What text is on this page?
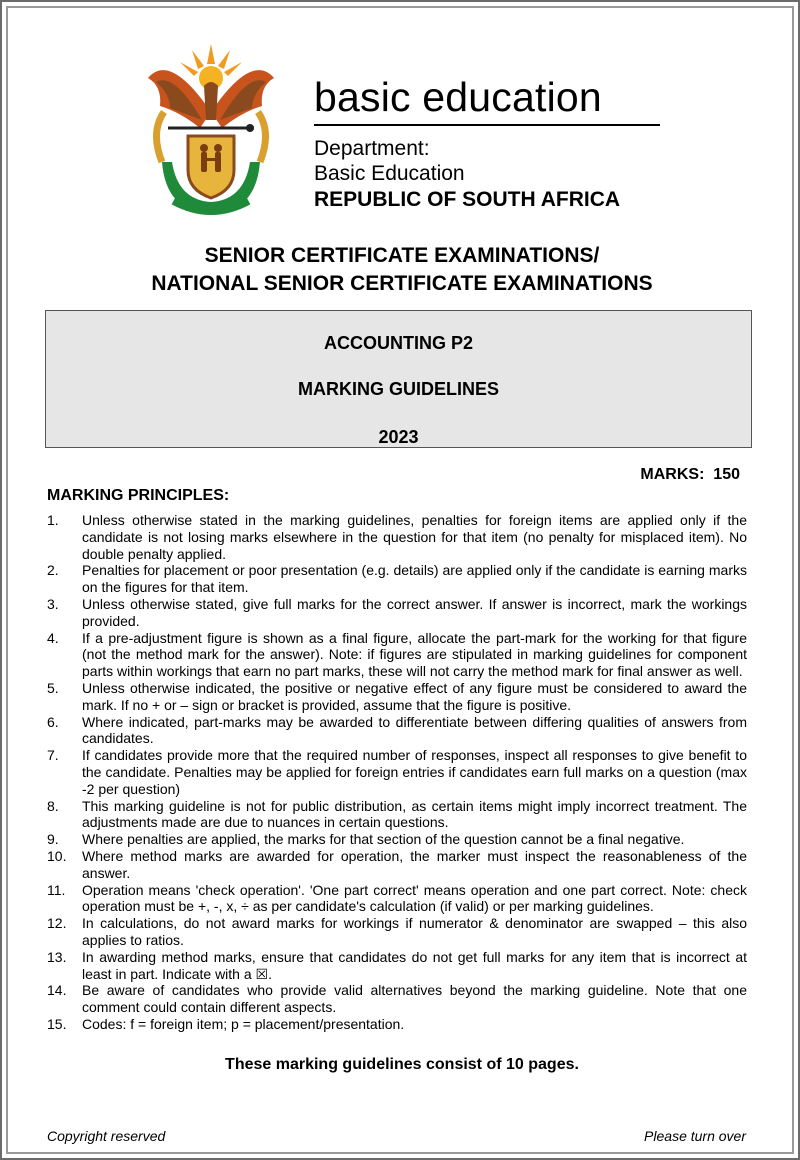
basic education
Department:
Basic Education
REPUBLIC OF SOUTH AFRICA
SENIOR CERTIFICATE EXAMINATIONS/
NATIONAL SENIOR CERTIFICATE EXAMINATIONS
ACCOUNTING P2
MARKING GUIDELINES
2023
MARKS:  150
MARKING PRINCIPLES:
1. Unless otherwise stated in the marking guidelines, penalties for foreign items are applied only if the candidate is not losing marks elsewhere in the question for that item (no penalty for misplaced item). No double penalty applied.
2. Penalties for placement or poor presentation (e.g. details) are applied only if the candidate is earning marks on the figures for that item.
3. Unless otherwise stated, give full marks for the correct answer. If answer is incorrect, mark the workings provided.
4. If a pre-adjustment figure is shown as a final figure, allocate the part-mark for the working for that figure (not the method mark for the answer). Note: if figures are stipulated in marking guidelines for component parts within workings that earn no part marks, these will not carry the method mark for final answer as well.
5. Unless otherwise indicated, the positive or negative effect of any figure must be considered to award the mark. If no + or – sign or bracket is provided, assume that the figure is positive.
6. Where indicated, part-marks may be awarded to differentiate between differing qualities of answers from candidates.
7. If candidates provide more that the required number of responses, inspect all responses to give benefit to the candidate. Penalties may be applied for foreign entries if candidates earn full marks on a question (max -2 per question)
8. This marking guideline is not for public distribution, as certain items might imply incorrect treatment. The adjustments made are due to nuances in certain questions.
9. Where penalties are applied, the marks for that section of the question cannot be a final negative.
10. Where method marks are awarded for operation, the marker must inspect the reasonableness of the answer.
11. Operation means 'check operation'. 'One part correct' means operation and one part correct. Note: check operation must be +, -, x, ÷ as per candidate's calculation (if valid) or per marking guidelines.
12. In calculations, do not award marks for workings if numerator & denominator are swapped – this also applies to ratios.
13. In awarding method marks, ensure that candidates do not get full marks for any item that is incorrect at least in part. Indicate with a ☒.
14. Be aware of candidates who provide valid alternatives beyond the marking guideline. Note that one comment could contain different aspects.
15. Codes: f = foreign item; p = placement/presentation.
These marking guidelines consist of 10 pages.
Copyright reserved	Please turn over
